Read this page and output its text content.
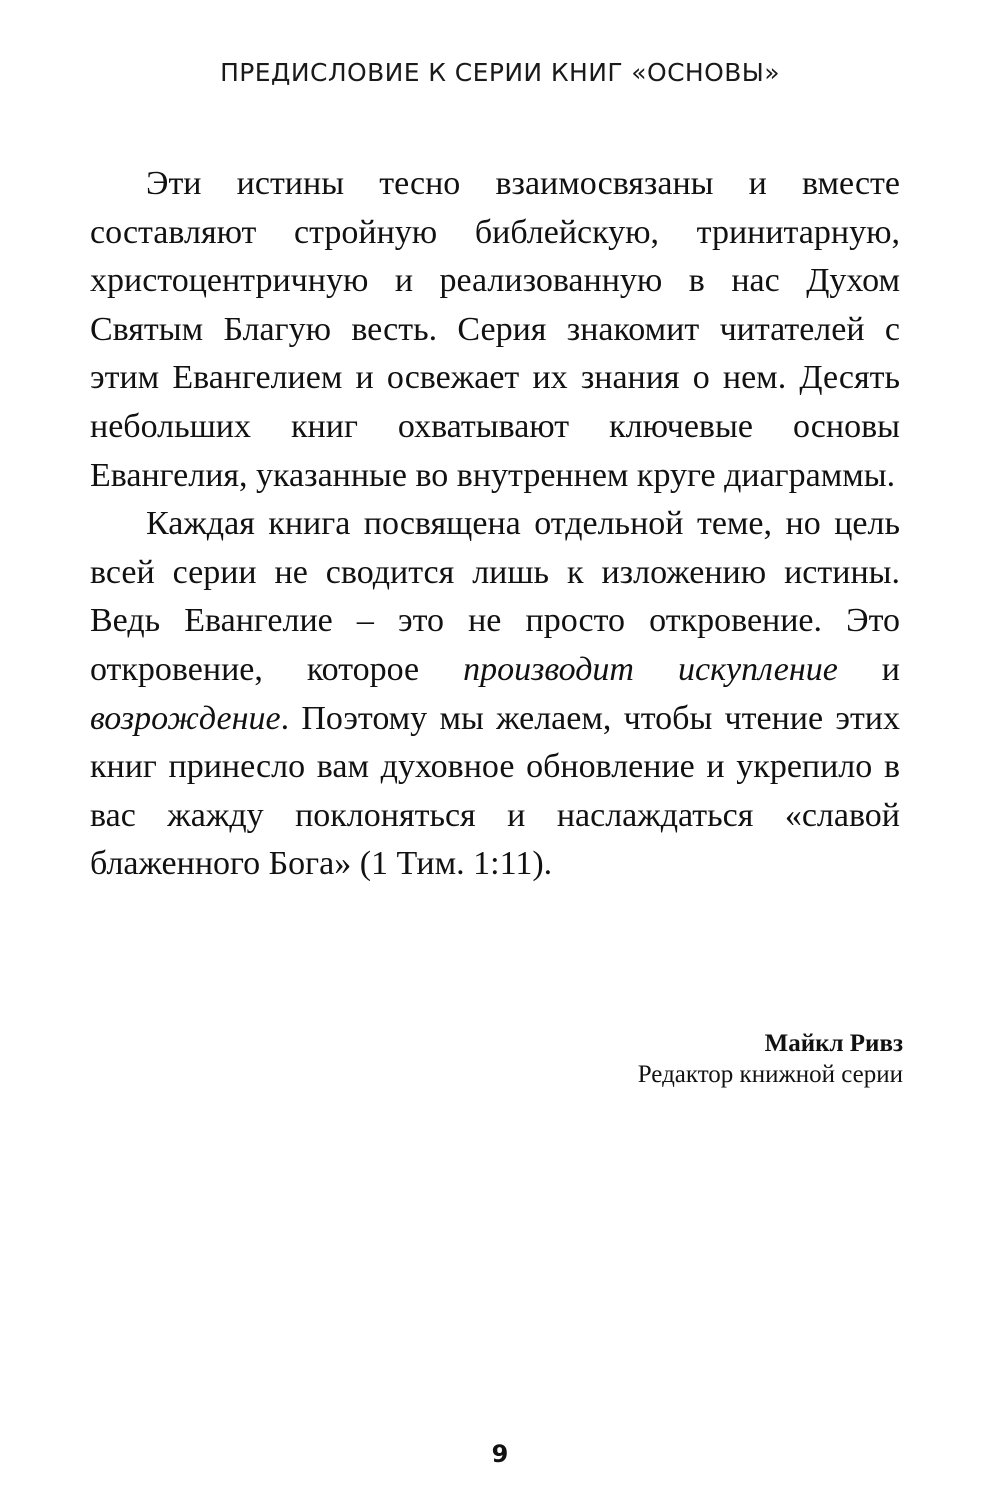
ПРЕДИСЛОВИЕ К СЕРИИ КНИГ «ОСНОВЫ»

Эти истины тесно взаимосвязаны и вместе составляют стройную библейскую, тринитарную, христоцентричную и реализованную в нас Духом Святым Благую весть. Серия знакомит читателей с этим Евангелием и освежает их знания о нем. Десять небольших книг охватывают ключевые основы Евангелия, указанные во внутреннем круге диаграммы.

Каждая книга посвящена отдельной теме, но цель всей серии не сводится лишь к изложению истины. Ведь Евангелие – это не просто откровение. Это откровение, которое производит искупление и возрождение. Поэтому мы желаем, чтобы чтение этих книг принесло вам духовное обновление и укрепило в вас жажду поклоняться и наслаждаться «славой блаженного Бога» (1 Тим. 1:11).

Майкл Ривз
Редактор книжной серии
9
